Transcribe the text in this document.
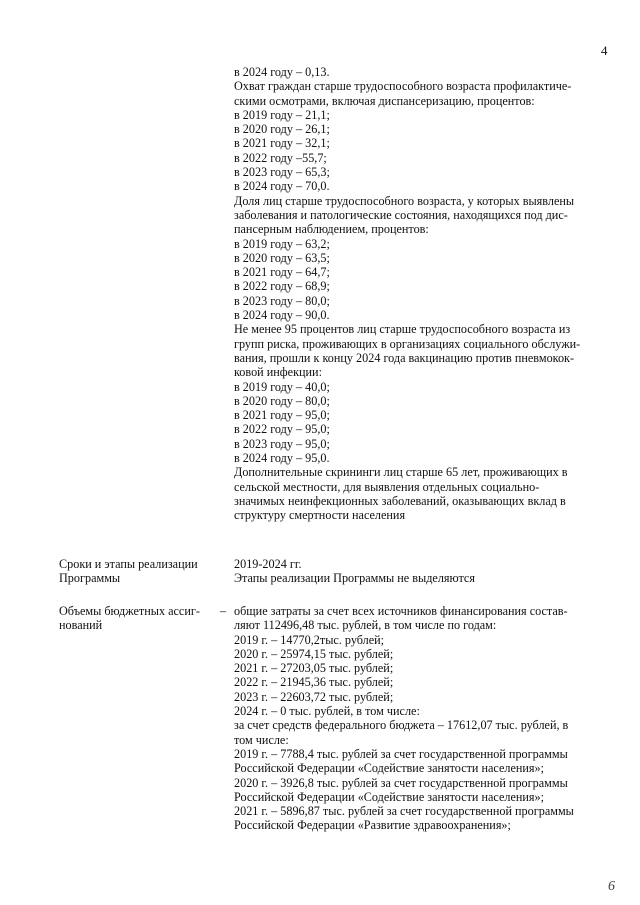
4

в 2024 году – 0,13.

Охват граждан старше трудоспособного возраста профилактиче-

скими осмотрами, включая диспансеризацию, процентов:

в 2019 году – 21,1;

в 2020 году – 26,1;

в 2021 году – 32,1;

в 2022 году –55,7;

в 2023 году – 65,3;

в 2024 году – 70,0.

Доля лиц старше трудоспособного возраста, у которых выявлены

заболевания и патологические состояния, находящихся под дис-

пансерным наблюдением, процентов:

в 2019 году – 63,2;

в 2020 году – 63,5;

в 2021 году – 64,7;

в 2022 году – 68,9;

в 2023 году – 80,0;

в 2024 году – 90,0.

Не менее 95 процентов лиц старше трудоспособного возраста из

групп риска, проживающих в организациях социального обслужи-

вания, прошли к концу 2024 года вакцинацию против пневмокок-

ковой инфекции:

в 2019 году – 40,0;

в 2020 году – 80,0;

в 2021 году – 95,0;

в 2022 году – 95,0;

в 2023 году – 95,0;

в 2024 году – 95,0.

Дополнительные скрининги лиц старше 65 лет, проживающих в

сельской местности, для выявления отдельных социально-

значимых неинфекционных заболеваний, оказывающих вклад в

структуру смертности населения

Сроки и этапы реализации Программы

2019-2024 гг.

Этапы реализации Программы не выделяются

Объемы бюджетных ассиг-нований
– общие затраты за счет всех источников финансирования состав-

ляют 112496,48 тыс. рублей, в том числе по годам:

2019 г. – 14770,2тыс. рублей;

2020 г. – 25974,15 тыс. рублей;

2021 г. – 27203,05 тыс. рублей;

2022 г. – 21945,36 тыс. рублей;

2023 г. – 22603,72 тыс. рублей;

2024 г. – 0 тыс. рублей, в том числе:

за счет средств федерального бюджета – 17612,07 тыс. рублей, в

том числе:

2019 г. – 7788,4 тыс. рублей за счет государственной программы

Российской Федерации «Содействие занятости населения»;

2020 г. – 3926,8 тыс. рублей за счет государственной программы

Российской Федерации «Содействие занятости населения»;

2021 г. – 5896,87 тыс. рублей за счет государственной программы

Российской Федерации «Развитие здравоохранения»;

6
